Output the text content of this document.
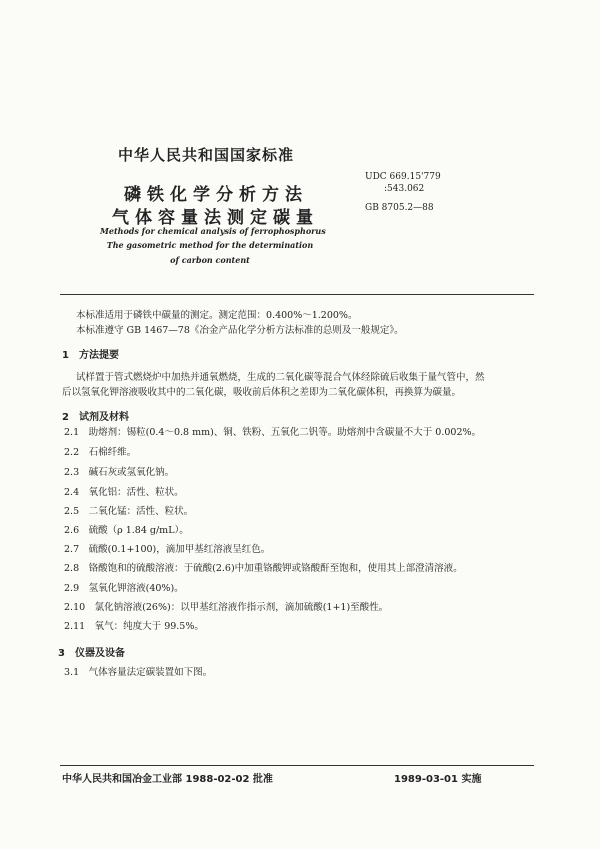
中华人民共和国国家标准
磷铁化学分析方法
气体容量法测定碳量
UDC 669.15'779
:543.062
GB 8705.2—88
Methods for chemical analysis of ferrophosphorus
The gasometric method for the determination
of carbon content
本标准适用于磷铁中碳量的测定。测定范围：0.400%～1.200%。
本标准遵守 GB 1467—78《冶金产品化学分析方法标准的总则及一般规定》。
1　方法提要
试样置于管式燃烧炉中加热并通氧燃烧，生成的二氧化碳等混合气体经除硫后收集于量气管中，然
后以氢氧化钾溶液吸收其中的二氧化碳，吸收前后体积之差即为二氧化碳体积，再换算为碳量。
2　试剂及材料
2.1　 助熔剂：锡粒(0.4～0.8 mm)、铜、铁粉、五氧化二钒等。助熔剂中含碳量不大于 0.002%。
2.2　 石棉纤维。
2.3　 碱石灰或氢氧化钠。
2.4　 氧化铝：活性、粒状。
2.5　 二氧化锰：活性、粒状。
2.6　 硫酸（ρ 1.84 g/mL）。
2.7　 硫酸(0.1+100)，滴加甲基红溶液呈红色。
2.8　 铬酸饱和的硫酸溶液：于硫酸(2.6)中加重铬酸钾或铬酸酐至饱和，使用其上部澄清溶液。
2.9　 氢氧化钾溶液(40%)。
2.10　 氯化钠溶液(26%)：以甲基红溶液作指示剂，滴加硫酸(1+1)至酸性。
2.11　 氧气：纯度大于 99.5%。
3　仪器及设备
3.1　 气体容量法定碳装置如下图。
中华人民共和国冶金工业部 1988-02-02 批准	1989-03-01 实施
